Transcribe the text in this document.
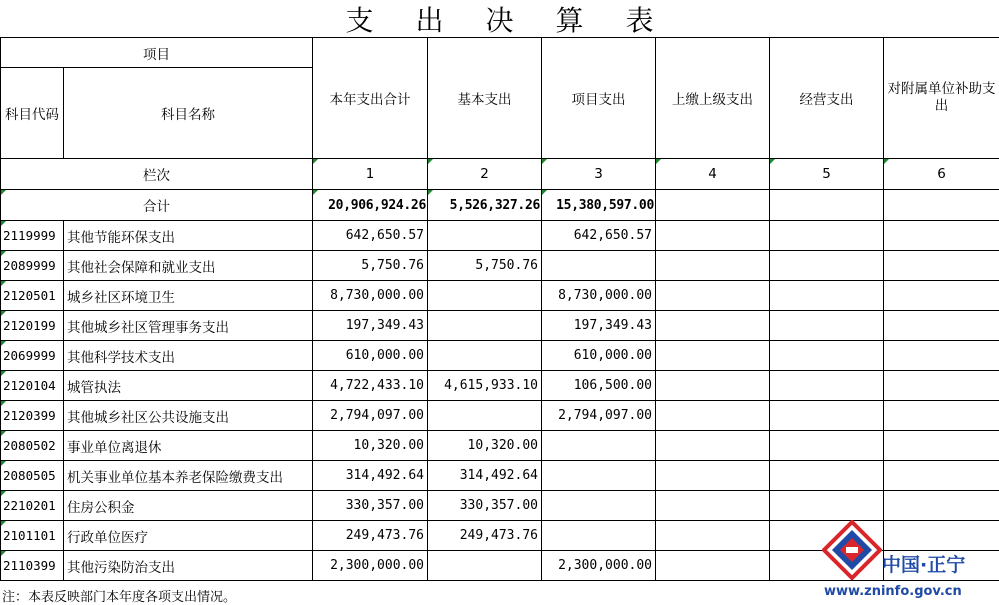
支出决算表
项目		本年支出合计	基本支出	项目支出	上缴上级支出	经营支出	对附属单位补助支出
科目代码	科目名称						
栏次		1	2	3	4	5	6
合计		20,906,924.26	5,526,327.26	15,380,597.00			
2119999	其他节能环保支出	642,650.57		642,650.57			
2089999	其他社会保障和就业支出	5,750.76	5,750.76				
2120501	城乡社区环境卫生	8,730,000.00		8,730,000.00			
2120199	其他城乡社区管理事务支出	197,349.43		197,349.43			
2069999	其他科学技术支出	610,000.00		610,000.00			
2120104	城管执法	4,722,433.10	4,615,933.10	106,500.00			
2120399	其他城乡社区公共设施支出	2,794,097.00		2,794,097.00			
2080502	事业单位离退休	10,320.00	10,320.00				
2080505	机关事业单位基本养老保险缴费支出	314,492.64	314,492.64				
2210201	住房公积金	330,357.00	330,357.00				
2101101	行政单位医疗	249,473.76	249,473.76				
2110399	其他污染防治支出	2,300,000.00		2,300,000.00			
注：本表反映部门本年度各项支出情况。
中国·正宁
www.zninfo.gov.cn
